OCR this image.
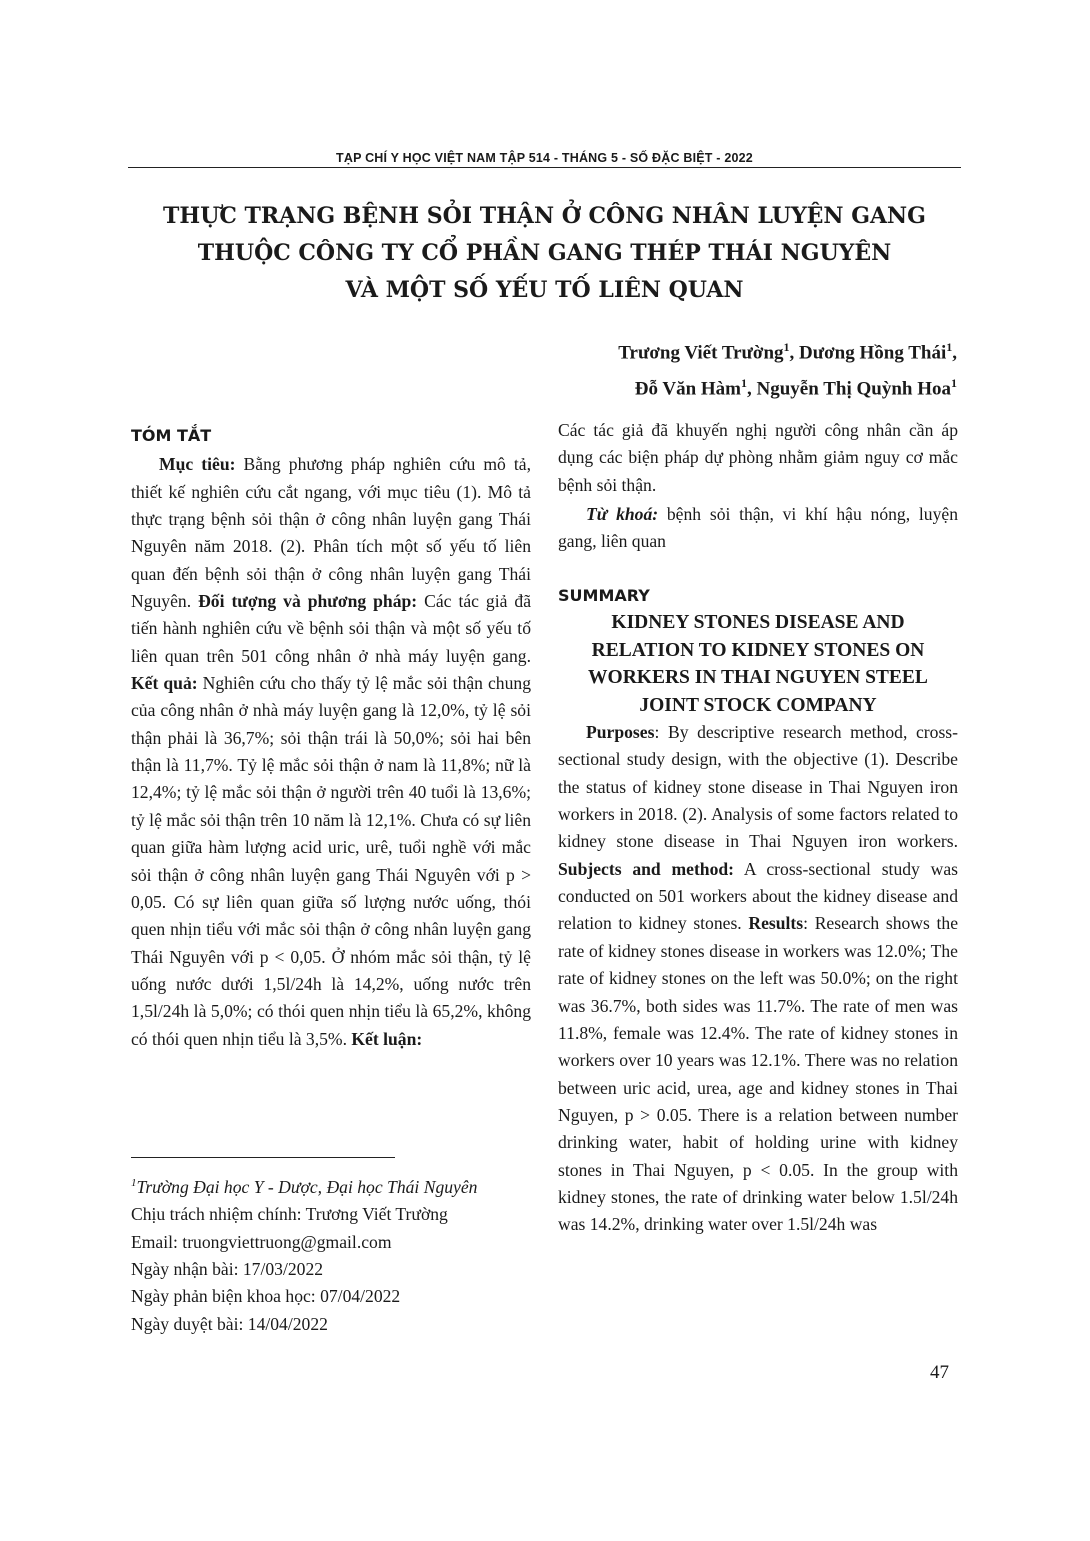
TẠP CHÍ Y HỌC VIỆT NAM TẬP 514 - THÁNG 5 - SỐ ĐẶC BIỆT - 2022
THỰC TRẠNG BỆNH SỎI THẬN Ở CÔNG NHÂN LUYỆN GANG
THUỘC CÔNG TY CỔ PHẦN GANG THÉP THÁI NGUYÊN
VÀ MỘT SỐ YẾU TỐ LIÊN QUAN
Trương Viết Trường$^1$, Dương Hồng Thái$^1$,
Đỗ Văn Hàm$^1$, Nguyễn Thị Quỳnh Hoa$^1$
TÓM TẮT

Mục tiêu: Bằng phương pháp nghiên cứu mô tả, thiết kế nghiên cứu cắt ngang, với mục tiêu (1). Mô tả thực trạng bệnh sỏi thận ở công nhân luyện gang Thái Nguyên năm 2018. (2). Phân tích một số yếu tố liên quan đến bệnh sỏi thận ở công nhân luyện gang Thái Nguyên. Đối tượng và phương pháp: Các tác giả đã tiến hành nghiên cứu về bệnh sỏi thận và một số yếu tố liên quan trên 501 công nhân ở nhà máy luyện gang. Kết quả: Nghiên cứu cho thấy tỷ lệ mắc sỏi thận chung của công nhân ở nhà máy luyện gang là 12,0%, tỷ lệ sỏi thận phải là 36,7%; sỏi thận trái là 50,0%; sỏi hai bên thận là 11,7%. Tỷ lệ mắc sỏi thận ở nam là 11,8%; nữ là 12,4%; tỷ lệ mắc sỏi thận ở người trên 40 tuổi là 13,6%; tỷ lệ mắc sỏi thận trên 10 năm là 12,1%. Chưa có sự liên quan giữa hàm lượng acid uric, urê, tuổi nghề với mắc sỏi thận ở công nhân luyện gang Thái Nguyên với p > 0,05. Có sự liên quan giữa số lượng nước uống, thói quen nhịn tiểu với mắc sỏi thận ở công nhân luyện gang Thái Nguyên với p < 0,05. Ở nhóm mắc sỏi thận, tỷ lệ uống nước dưới 1,5l/24h là 14,2%, uống nước trên 1,5l/24h là 5,0%; có thói quen nhịn tiểu là 65,2%, không có thói quen nhịn tiểu là 3,5%. Kết luận:

$^1$Trường Đại học Y - Dược, Đại học Thái Nguyên
Chịu trách nhiệm chính: Trương Viết Trường
Email: truongviettruong@gmail.com
Ngày nhận bài: 17/03/2022
Ngày phản biện khoa học: 07/04/2022
Ngày duyệt bài: 14/04/2022

Các tác giả đã khuyến nghị người công nhân cần áp dụng các biện pháp dự phòng nhằm giảm nguy cơ mắc bệnh sỏi thận.

Từ khoá: bệnh sỏi thận, vi khí hậu nóng, luyện gang, liên quan

SUMMARY
KIDNEY STONES DISEASE AND
RELATION TO KIDNEY STONES ON
WORKERS IN THAI NGUYEN STEEL
JOINT STOCK COMPANY

Purposes: By descriptive research method, cross-sectional study design, with the objective (1). Describe the status of kidney stone disease in Thai Nguyen iron workers in 2018. (2). Analysis of some factors related to kidney stone disease in Thai Nguyen iron workers. Subjects and method: A cross-sectional study was conducted on 501 workers about the kidney disease and relation to kidney stones. Results: Research shows the rate of kidney stones disease in workers was 12.0%; The rate of kidney stones on the left was 50.0%; on the right was 36.7%, both sides was 11.7%. The rate of men was 11.8%, female was 12.4%. The rate of kidney stones in workers over 10 years was 12.1%. There was no relation between uric acid, urea, age and kidney stones in Thai Nguyen, p > 0.05. There is a relation between number drinking water, habit of holding urine with kidney stones in Thai Nguyen, p < 0.05. In the group with kidney stones, the rate of drinking water below 1.5l/24h was 14.2%, drinking water over 1.5l/24h was

47
